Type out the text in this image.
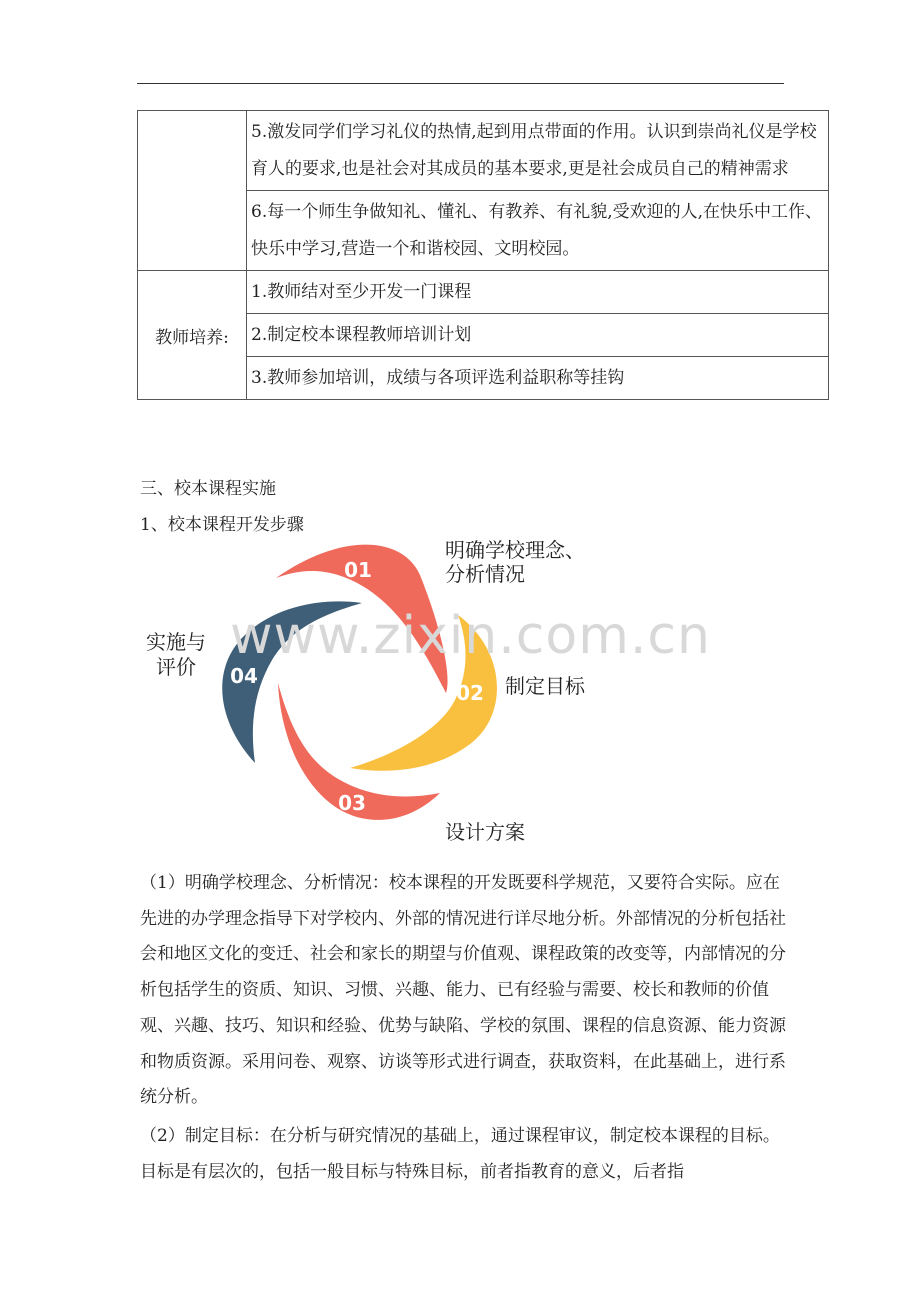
	5.激发同学们学习礼仪的热情,起到用点带面的作用。认识到崇尚礼仪是学校育人的要求,也是社会对其成员的基本要求,更是社会成员自己的精神需求

	6.每一个师生争做知礼、懂礼、有教养、有礼貌,受欢迎的人,在快乐中工作、快乐中学习,营造一个和谐校园、文明校园。

教师培养:	1.教师结对至少开发一门课程

	2.制定校本课程教师培训计划

	3.教师参加培训，成绩与各项评选利益职称等挂钩
三、校本课程实施
1、校本课程开发步骤
01
02
03
04
明确学校理念、
分析情况
制定目标
设计方案
实施与
评价
www.zixin.com.cn
（1）明确学校理念、分析情况：校本课程的开发既要科学规范，又要符合实际。应在先进的办学理念指导下对学校内、外部的情况进行详尽地分析。外部情况的分析包括社会和地区文化的变迁、社会和家长的期望与价值观、课程政策的改变等，内部情况的分析包括学生的资质、知识、习惯、兴趣、能力、已有经验与需要、校长和教师的价值观、兴趣、技巧、知识和经验、优势与缺陷、学校的氛围、课程的信息资源、能力资源和物质资源。采用问卷、观察、访谈等形式进行调查，获取资料，在此基础上，进行系统分析。
（2）制定目标：在分析与研究情况的基础上，通过课程审议，制定校本课程的目标。目标是有层次的，包括一般目标与特殊目标，前者指教育的意义，后者指
